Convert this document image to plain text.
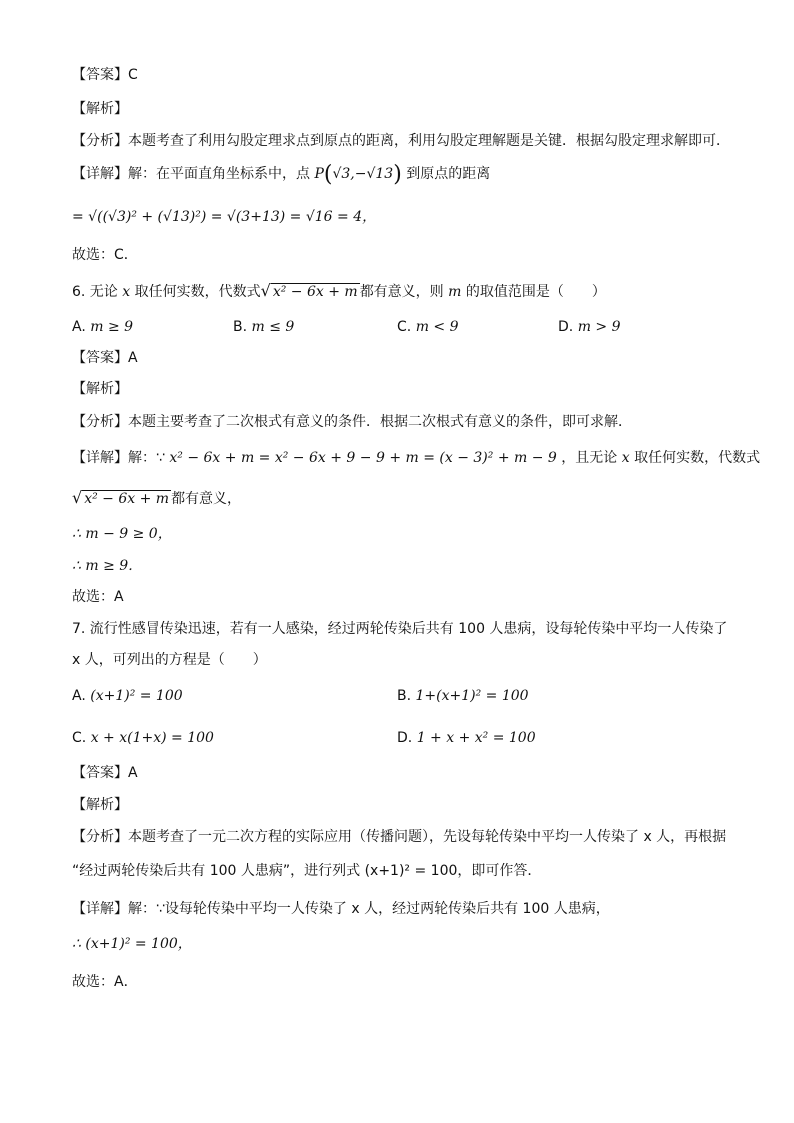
【答案】C
【解析】
【分析】本题考查了利用勾股定理求点到原点的距离，利用勾股定理解题是关键．根据勾股定理求解即可．
【详解】解：在平面直角坐标系中，点 P(√3,−√13) 到原点的距离
= √((√3)² + (√13)²) = √(3+13) = √16 = 4，
故选：C．
6. 无论 x 取任何实数，代数式√ x² − 6x + m 都有意义，则 m 的取值范围是（　　）
A. m ≥ 9	B. m ≤ 9	C. m < 9	D. m > 9
【答案】A
【解析】
【分析】本题主要考查了二次根式有意义的条件．根据二次根式有意义的条件，即可求解．
【详解】解：∵ x² − 6x + m = x² − 6x + 9 − 9 + m = (x − 3)² + m − 9 ，且无论 x 取任何实数，代数式
√ x² − 6x + m 都有意义，
∴ m − 9 ≥ 0，
∴ m ≥ 9．
故选：A
7. 流行性感冒传染迅速，若有一人感染，经过两轮传染后共有 100 人患病，设每轮传染中平均一人传染了
x 人，可列出的方程是（　　）
A. (x+1)² = 100	B. 1+(x+1)² = 100
C. x + x(1+x) = 100	D. 1 + x + x² = 100
【答案】A
【解析】
【分析】本题考查了一元二次方程的实际应用（传播问题），先设每轮传染中平均一人传染了 x 人，再根据
“经过两轮传染后共有 100 人患病”，进行列式 (x+1)² = 100，即可作答．
【详解】解：∵设每轮传染中平均一人传染了 x 人，经过两轮传染后共有 100 人患病，
∴ (x+1)² = 100，
故选：A．
